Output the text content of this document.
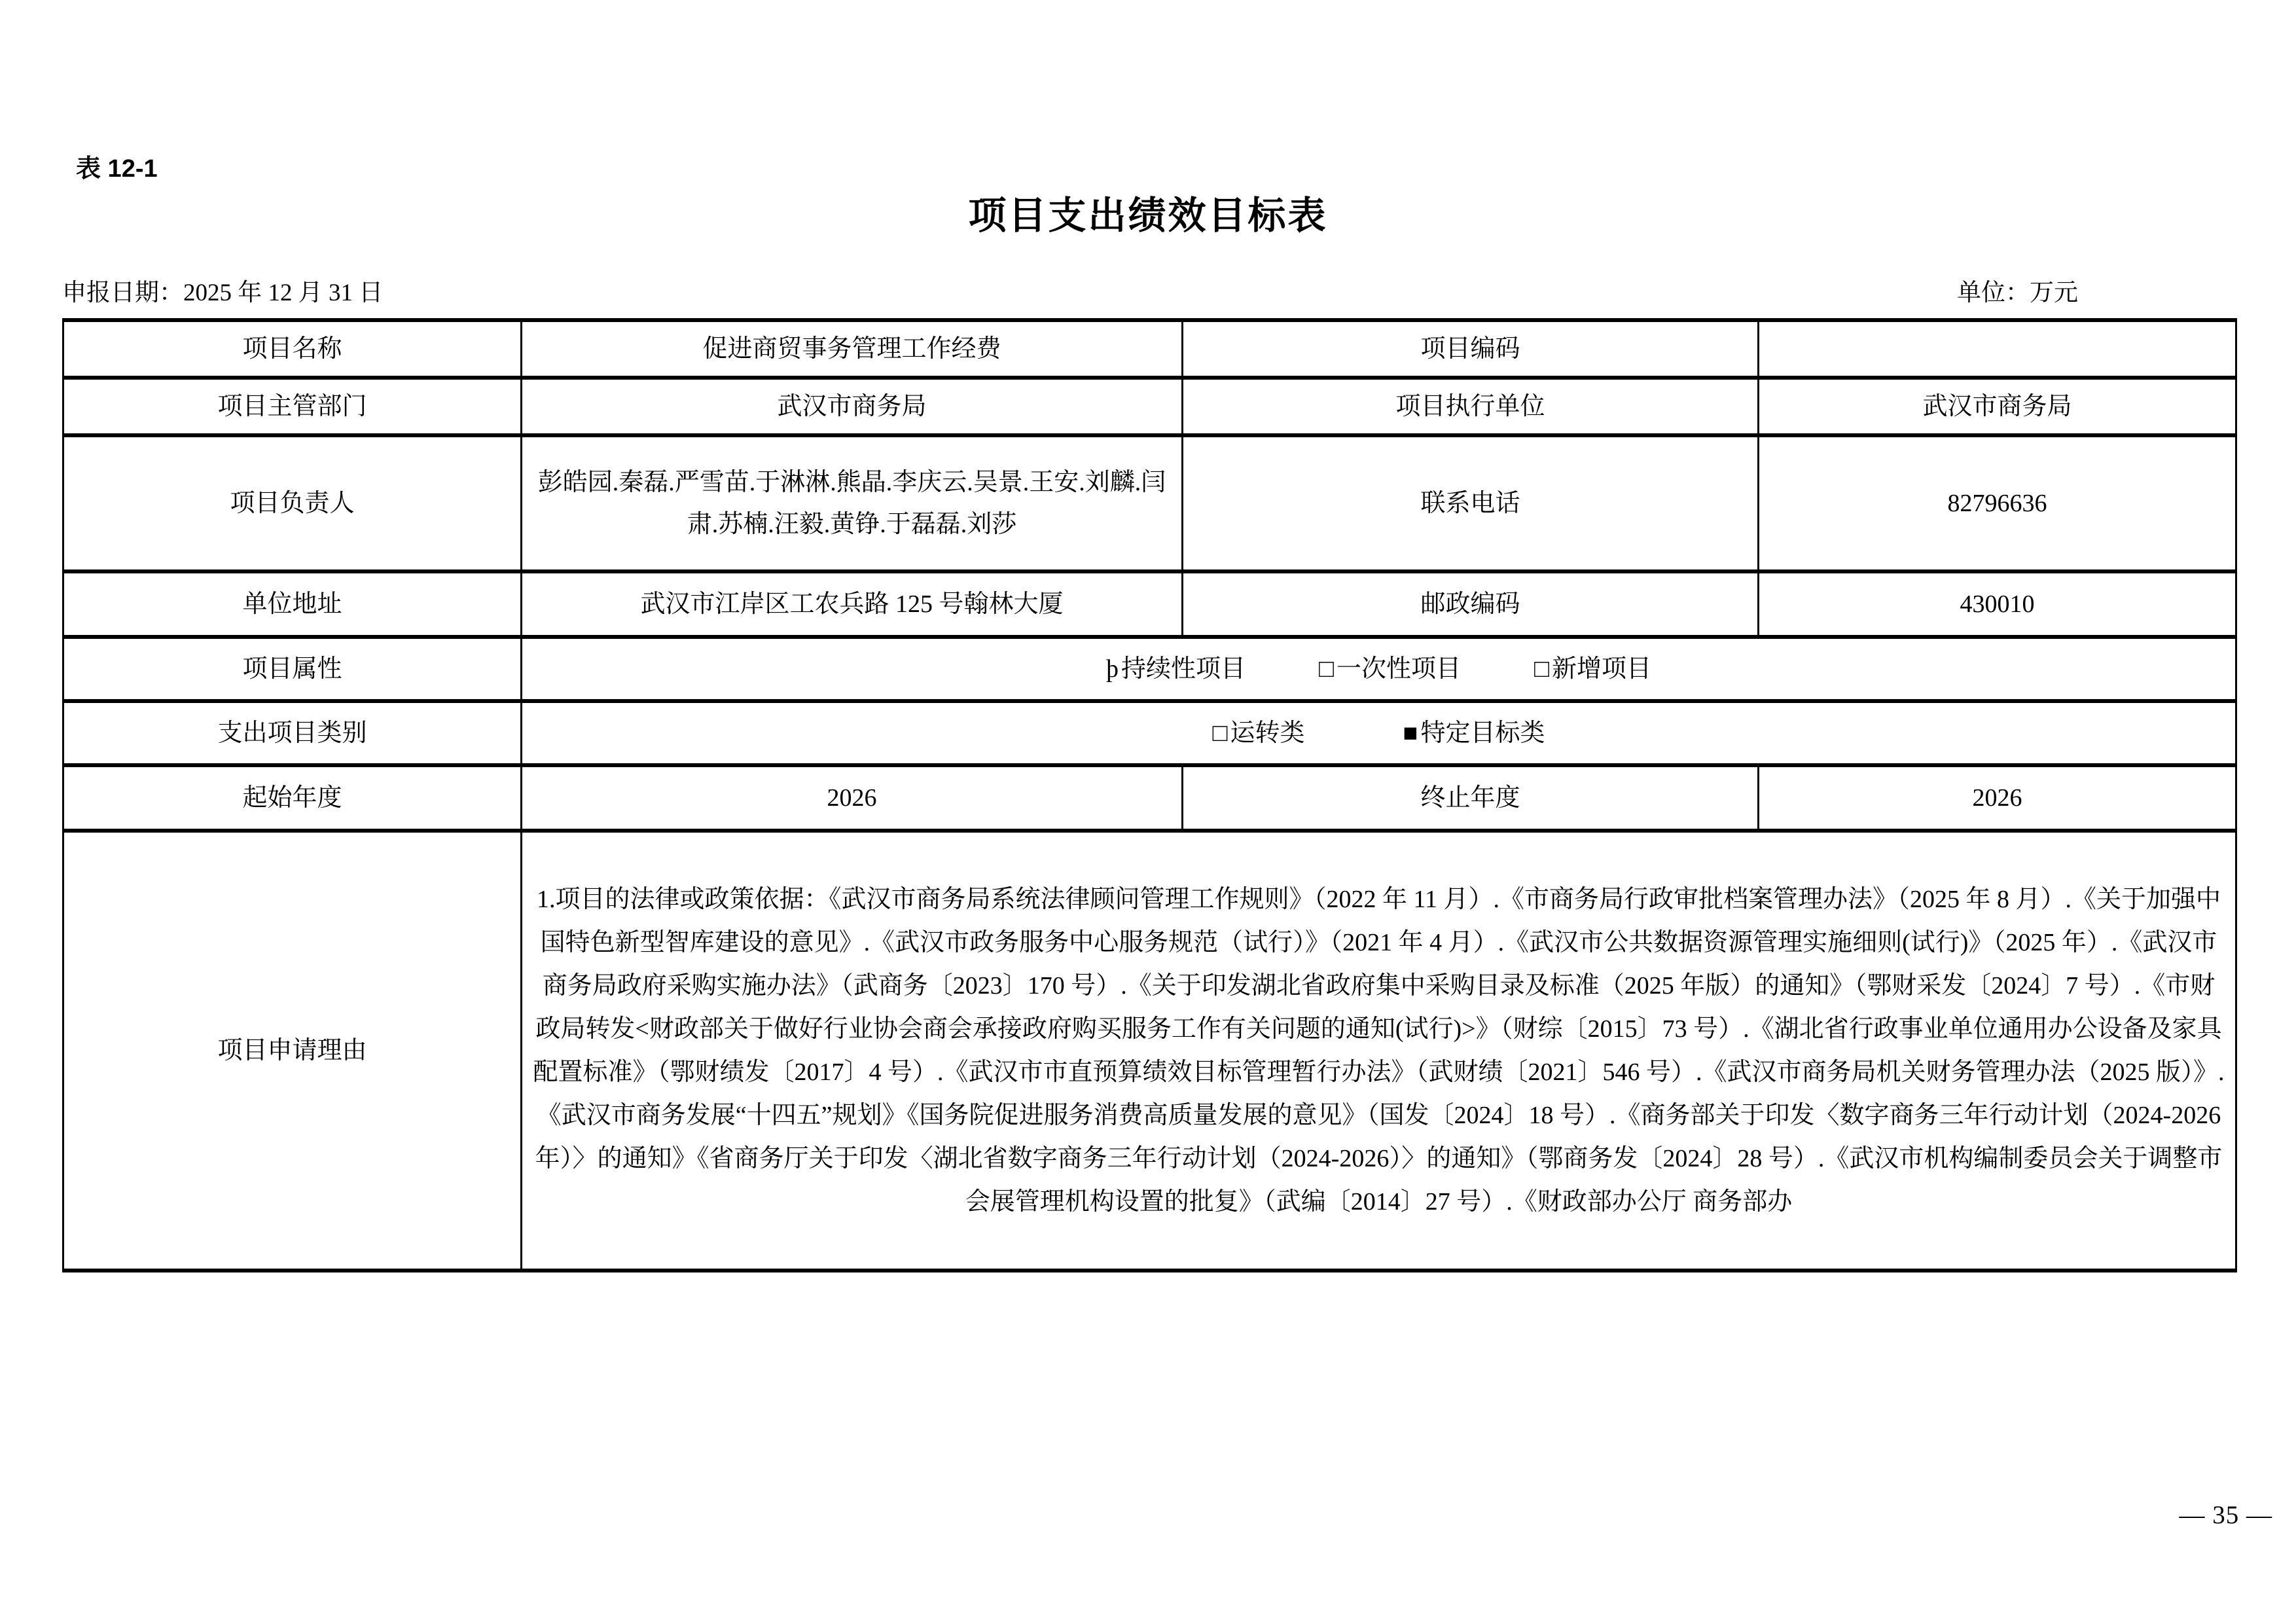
表 12-1
项目支出绩效目标表
申报日期：2025 年 12 月 31 日	单位：万元
项目名称	促进商贸事务管理工作经费	项目编码	
项目主管部门	武汉市商务局	项目执行单位	武汉市商务局
项目负责人	彭皓园.秦磊.严雪苗.于淋淋.熊晶.李庆云.吴景.王安.刘麟.闫肃.苏楠.汪毅.黄铮.于磊磊.刘莎	联系电话	82796636
单位地址	武汉市江岸区工农兵路 125 号翰林大厦	邮政编码	430010
项目属性	þ 持续性项目 □ 一次性项目 □ 新增项目		

支出项目类别	□ 运转类 ■ 特定目标类		

起始年度	2026	终止年度	2026
项目申请理由	1.项目的法律或政策依据：《武汉市商务局系统法律顾问管理工作规则》（2022 年 11 月）.《市商务局行政审批档案管理办法》（2025 年 8 月）.《关于加强中国特色新型智库建设的意见》.《武汉市政务服务中心服务规范（试行）》（2021 年 4 月）.《武汉市公共数据资源管理实施细则(试行)》（2025 年）.《武汉市商务局政府采购实施办法》（武商务〔2023〕170 号）.《关于印发湖北省政府集中采购目录及标准（2025 年版）的通知》（鄂财采发〔2024〕7 号）.《市财政局转发<财政部关于做好行业协会商会承接政府购买服务工作有关问题的通知(试行)>》（财综〔2015〕73 号）.《湖北省行政事业单位通用办公设备及家具配置标准》（鄂财绩发〔2017〕4 号）.《武汉市市直预算绩效目标管理暂行办法》（武财绩〔2021〕546 号）.《武汉市商务局机关财务管理办法（2025 版）》.《武汉市商务发展“十四五”规划》《国务院促进服务消费高质量发展的意见》（国发〔2024〕18 号）.《商务部关于印发〈数字商务三年行动计划（2024-2026 年）〉的通知》《省商务厅关于印发〈湖北省数字商务三年行动计划（2024-2026）〉的通知》（鄂商务发〔2024〕28 号）.《武汉市机构编制委员会关于调整市会展管理机构设置的批复》（武编〔2014〕27 号）.《财政部办公厅 商务部办		
— 35 —
